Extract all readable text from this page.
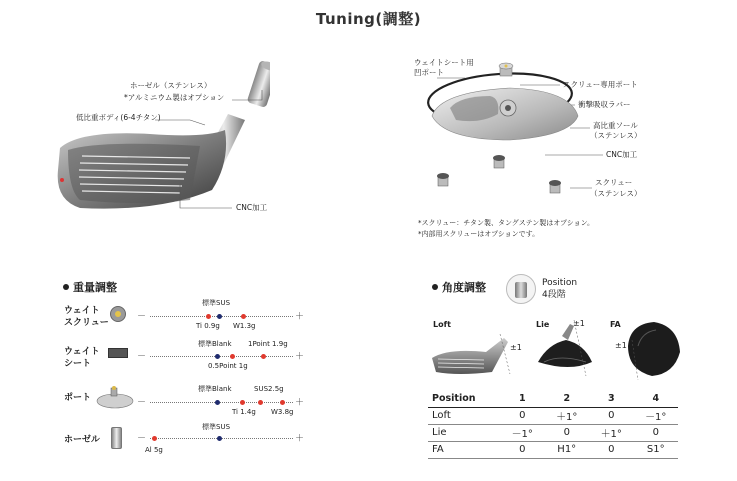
Tuning(調整)
ホーゼル（ステンレス）
*アルミニウム製はオプション
低比重ボディ(6-4チタン)
CNC加工
ウェイトシート用
凹ポート
スクリュー専用ポート
衝撃吸収ラバー
高比重ソール
（ステンレス）
CNC加工
スクリュー
（ステンレス）
*スクリュー：チタン製、タングステン製はオプション。
*内部用スクリューはオプションです。
重量調整
ウェイト
スクリュー
－	＋
標準SUS
Ti 0.9g W1.3g
ウェイト
シート
－	＋
標準Blank 1Point 1.9g
0.5Point 1g
ポート	－	＋
標準Blank	SUS2.5g
Ti 1.4g W3.8g
ホーゼル	－	＋
標準SUS
Al 5g
角度調整	Position
4段階
Loft
±1
Lie	±1	FA
±1
Position	1	2	3	4
Loft	0	＋1°	0	－1°
Lie	－1°	0	＋1°	0
FA	0	H1°	0	S1°
